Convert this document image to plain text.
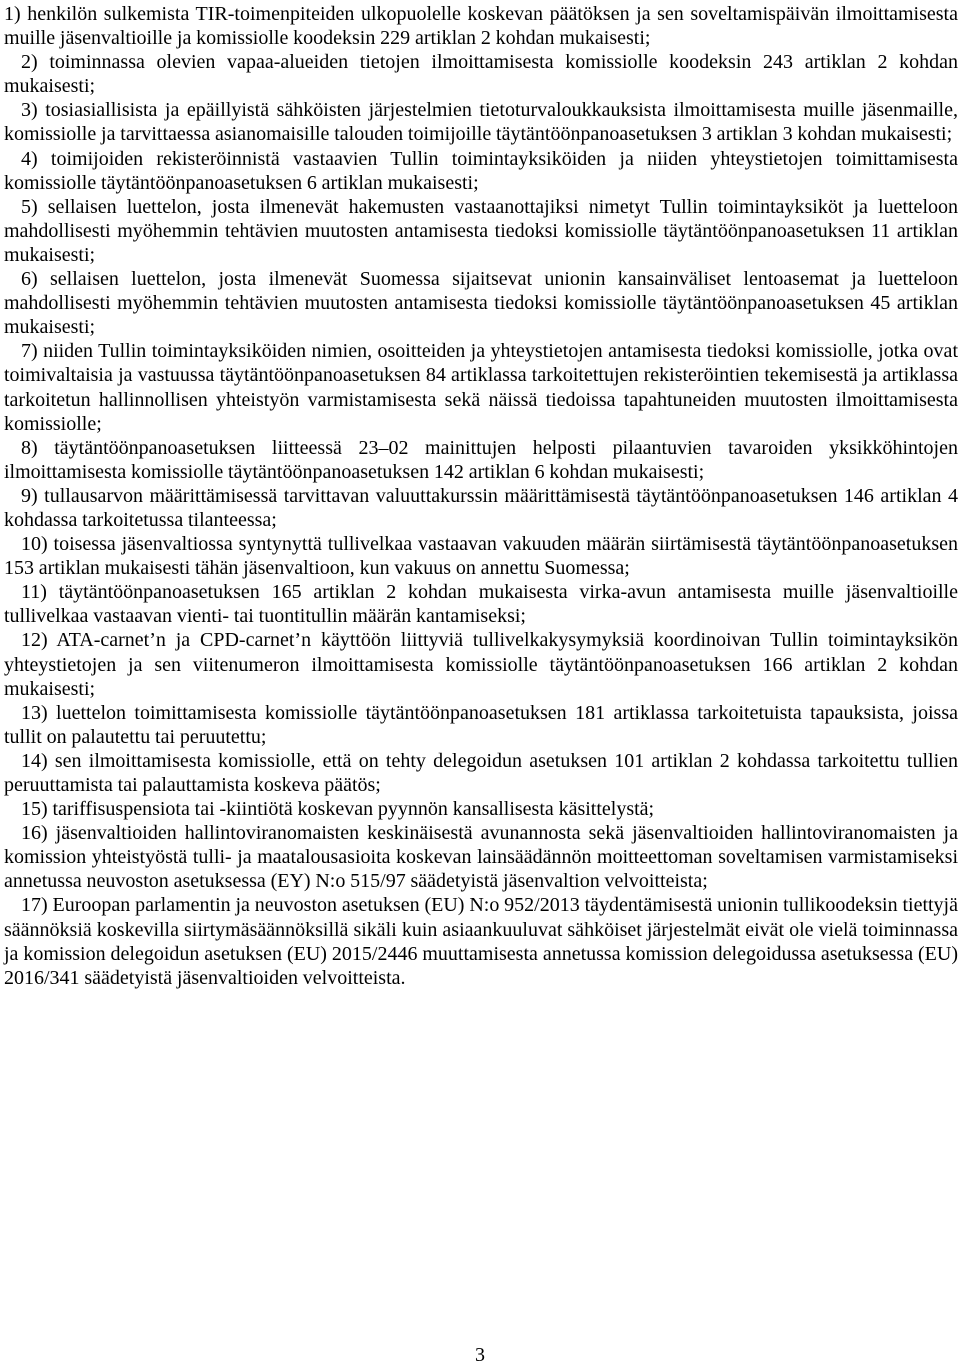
1) henkilön sulkemista TIR-toimenpiteiden ulkopuolelle koskevan päätöksen ja sen soveltamispäivän ilmoittamisesta muille jäsenvaltioille ja komissiolle koodeksin 229 artiklan 2 kohdan mukaisesti;

2) toiminnassa olevien vapaa-alueiden tietojen ilmoittamisesta komissiolle koodeksin 243 artiklan 2 kohdan mukaisesti;

3) tosiasiallisista ja epäillyistä sähköisten järjestelmien tietoturvaloukkauksista ilmoittamisesta muille jäsenmaille, komissiolle ja tarvittaessa asianomaisille talouden toimijoille täytäntöönpanoasetuksen 3 artiklan 3 kohdan mukaisesti;

4) toimijoiden rekisteröinnistä vastaavien Tullin toimintayksiköiden ja niiden yhteystietojen toimittamisesta komissiolle täytäntöönpanoasetuksen 6 artiklan mukaisesti;

5) sellaisen luettelon, josta ilmenevät hakemusten vastaanottajiksi nimetyt Tullin toimintayksiköt ja luetteloon mahdollisesti myöhemmin tehtävien muutosten antamisesta tiedoksi komissiolle täytäntöönpanoasetuksen 11 artiklan mukaisesti;

6) sellaisen luettelon, josta ilmenevät Suomessa sijaitsevat unionin kansainväliset lentoasemat ja luetteloon mahdollisesti myöhemmin tehtävien muutosten antamisesta tiedoksi komissiolle täytäntöönpanoasetuksen 45 artiklan mukaisesti;

7) niiden Tullin toimintayksiköiden nimien, osoitteiden ja yhteystietojen antamisesta tiedoksi komissiolle, jotka ovat toimivaltaisia ja vastuussa täytäntöönpanoasetuksen 84 artiklassa tarkoitettujen rekisteröintien tekemisestä ja artiklassa tarkoitetun hallinnollisen yhteistyön varmistamisesta sekä näissä tiedoissa tapahtuneiden muutosten ilmoittamisesta komissiolle;

8) täytäntöönpanoasetuksen liitteessä 23–02 mainittujen helposti pilaantuvien tavaroiden yksikköhintojen ilmoittamisesta komissiolle täytäntöönpanoasetuksen 142 artiklan 6 kohdan mukaisesti;

9) tullausarvon määrittämisessä tarvittavan valuuttakurssin määrittämisestä täytäntöönpanoasetuksen 146 artiklan 4 kohdassa tarkoitetussa tilanteessa;

10) toisessa jäsenvaltiossa syntynyttä tullivelkaa vastaavan vakuuden määrän siirtämisestä täytäntöönpanoasetuksen 153 artiklan mukaisesti tähän jäsenvaltioon, kun vakuus on annettu Suomessa;

11) täytäntöönpanoasetuksen 165 artiklan 2 kohdan mukaisesta virka-avun antamisesta muille jäsenvaltioille tullivelkaa vastaavan vienti- tai tuontitullin määrän kantamiseksi;

12) ATA-carnet’n ja CPD-carnet’n käyttöön liittyviä tullivelkakysymyksiä koordinoivan Tullin toimintayksikön yhteystietojen ja sen viitenumeron ilmoittamisesta komissiolle täytäntöönpanoasetuksen 166 artiklan 2 kohdan mukaisesti;

13) luettelon toimittamisesta komissiolle täytäntöönpanoasetuksen 181 artiklassa tarkoitetuista tapauksista, joissa tullit on palautettu tai peruutettu;

14) sen ilmoittamisesta komissiolle, että on tehty delegoidun asetuksen 101 artiklan 2 kohdassa tarkoitettu tullien peruuttamista tai palauttamista koskeva päätös;

15) tariffisuspensiota tai -kiintiötä koskevan pyynnön kansallisesta käsittelystä;

16) jäsenvaltioiden hallintoviranomaisten keskinäisestä avunannosta sekä jäsenvaltioiden hallintoviranomaisten ja komission yhteistyöstä tulli- ja maatalousasioita koskevan lainsäädännön moitteettoman soveltamisen varmistamiseksi annetussa neuvoston asetuksessa (EY) N:o 515/97 säädetyistä jäsenvaltion velvoitteista;

17) Euroopan parlamentin ja neuvoston asetuksen (EU) N:o 952/2013 täydentämisestä unionin tullikoodeksin tiettyjä säännöksiä koskevilla siirtymäsäännöksillä sikäli kuin asiaankuuluvat sähköiset järjestelmät eivät ole vielä toiminnassa ja komission delegoidun asetuksen (EU) 2015/2446 muuttamisesta annetussa komission delegoidussa asetuksessa (EU) 2016/341 säädetyistä jäsenvaltioiden velvoitteista.

3
